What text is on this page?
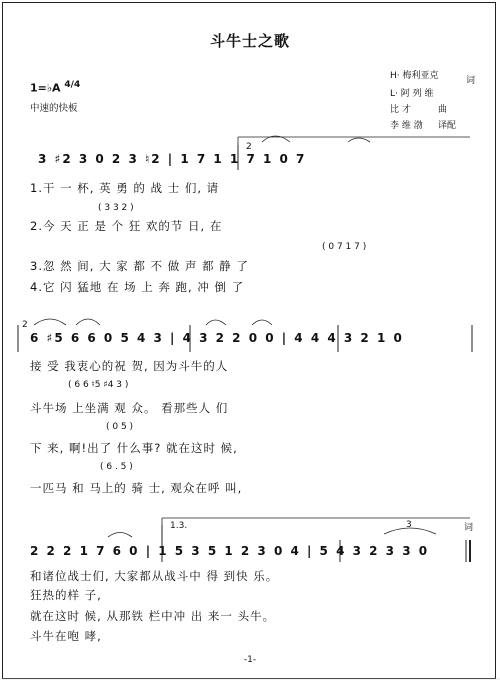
斗牛士之歌
H· 梅利亚克
L· 阿 列 维
词
比 才	曲
李 维 渤 译配
1=♭A $^{4/4}$
中速的快板
3 ♯2 3 0 2 3 ♮2 | 1 7 1 1 7 1 0 7
2
1.干 一 杯, 英 勇 的 战 士 们, 请
( 3 3 2 )
2.今 天 正 是 个 狂 欢的节 日, 在
( 0 7 1 7 )
3.忽 然 间, 大 家 都 不 做 声 都 静 了
4.它 闪 猛地 在 场 上 奔 跑, 冲 倒 了
2
6 ♯5 6 6 0 5 4 3 | 4 3 2 2 0 0 | 4 4 4 3 2 1 0
接 受 我衷心的祝 贺, 因为斗牛的人
( 6 6 ♮5 ♯4 3 )
斗牛场 上坐满 观 众。 看那些人 们
( 0 5 )
下 来, 啊!出了 什么事? 就在这时 候,
( 6 . 5 )
一匹马 和 马上的 骑 士, 观众在呼 叫,
1.3.	3	词
2 2 2 1 7 6 0 | 1 5 3 5 1 2 3 0 4 | 5 4 3 2 3 3 0
和诸位战士们, 大家都从战斗中 得 到快 乐。
狂热的样 子,
就在这时 候, 从那铁 栏中冲 出 来一 头牛。
斗牛在咆 哮,
-1-
